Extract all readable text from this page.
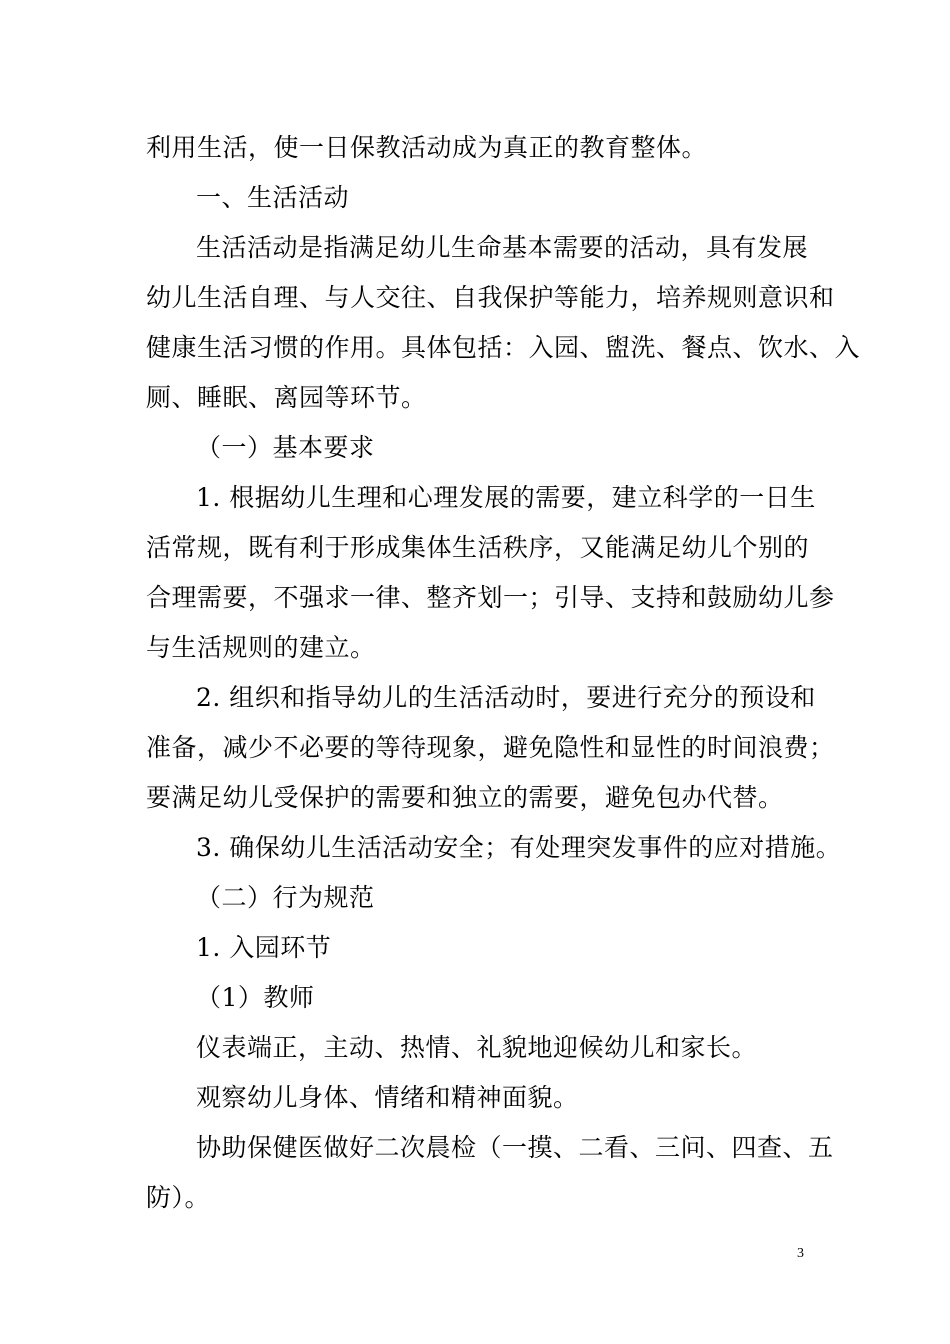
利用生活，使一日保教活动成为真正的教育整体。
一、生活活动
生活活动是指满足幼儿生命基本需要的活动，具有发展
幼儿生活自理、与人交往、自我保护等能力，培养规则意识和
健康生活习惯的作用。具体包括：入园、盥洗、餐点、饮水、入
厕、睡眠、离园等环节。
（一）基本要求
1. 根据幼儿生理和心理发展的需要，建立科学的一日生
活常规，既有利于形成集体生活秩序，又能满足幼儿个别的
合理需要，不强求一律、整齐划一；引导、支持和鼓励幼儿参
与生活规则的建立。
2. 组织和指导幼儿的生活活动时，要进行充分的预设和
准备，减少不必要的等待现象，避免隐性和显性的时间浪费；
要满足幼儿受保护的需要和独立的需要，避免包办代替。
3. 确保幼儿生活活动安全；有处理突发事件的应对措施。
（二）行为规范
1. 入园环节
（1）教师
仪表端正，主动、热情、礼貌地迎候幼儿和家长。
观察幼儿身体、情绪和精神面貌。
协助保健医做好二次晨检（一摸、二看、三问、四查、五
防）。
3
